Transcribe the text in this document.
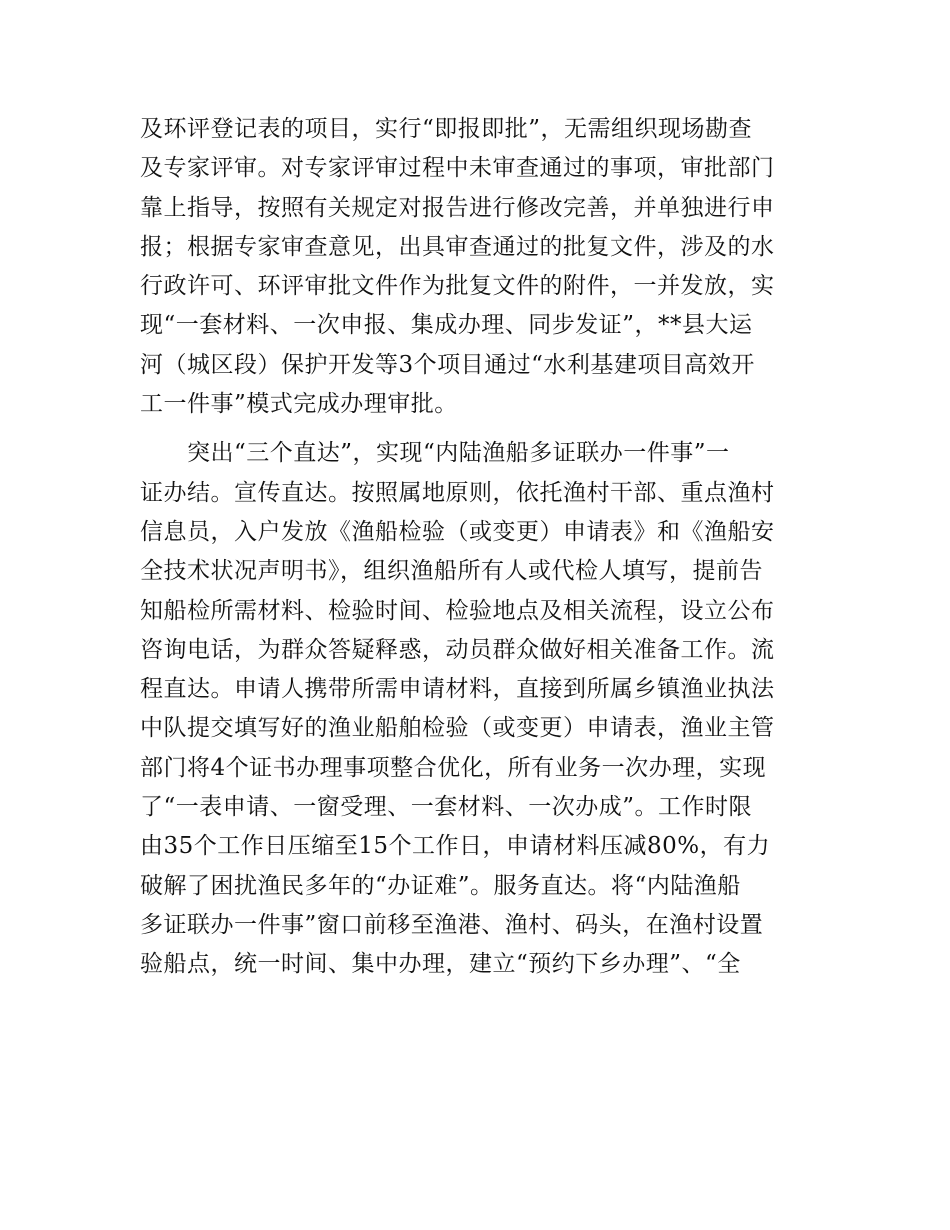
及环评登记表的项目，实行“即报即批”，无需组织现场勘查
及专家评审。对专家评审过程中未审查通过的事项，审批部门
靠上指导，按照有关规定对报告进行修改完善，并单独进行申
报；根据专家审查意见，出具审查通过的批复文件，涉及的水
行政许可、环评审批文件作为批复文件的附件，一并发放，实
现“一套材料、一次申报、集成办理、同步发证”，**县大运
河（城区段）保护开发等3个项目通过“水利基建项目高效开
工一件事”模式完成办理审批。

突出“三个直达”，实现“内陆渔船多证联办一件事”一
证办结。宣传直达。按照属地原则，依托渔村干部、重点渔村
信息员，入户发放《渔船检验（或变更）申请表》和《渔船安
全技术状况声明书》，组织渔船所有人或代检人填写，提前告
知船检所需材料、检验时间、检验地点及相关流程，设立公布
咨询电话，为群众答疑释惑，动员群众做好相关准备工作。流
程直达。申请人携带所需申请材料，直接到所属乡镇渔业执法
中队提交填写好的渔业船舶检验（或变更）申请表，渔业主管
部门将4个证书办理事项整合优化，所有业务一次办理，实现
了“一表申请、一窗受理、一套材料、一次办成”。工作时限
由35个工作日压缩至15个工作日，申请材料压减80%，有力
破解了困扰渔民多年的“办证难”。服务直达。将“内陆渔船
多证联办一件事”窗口前移至渔港、渔村、码头，在渔村设置
验船点，统一时间、集中办理，建立“预约下乡办理”、“全
